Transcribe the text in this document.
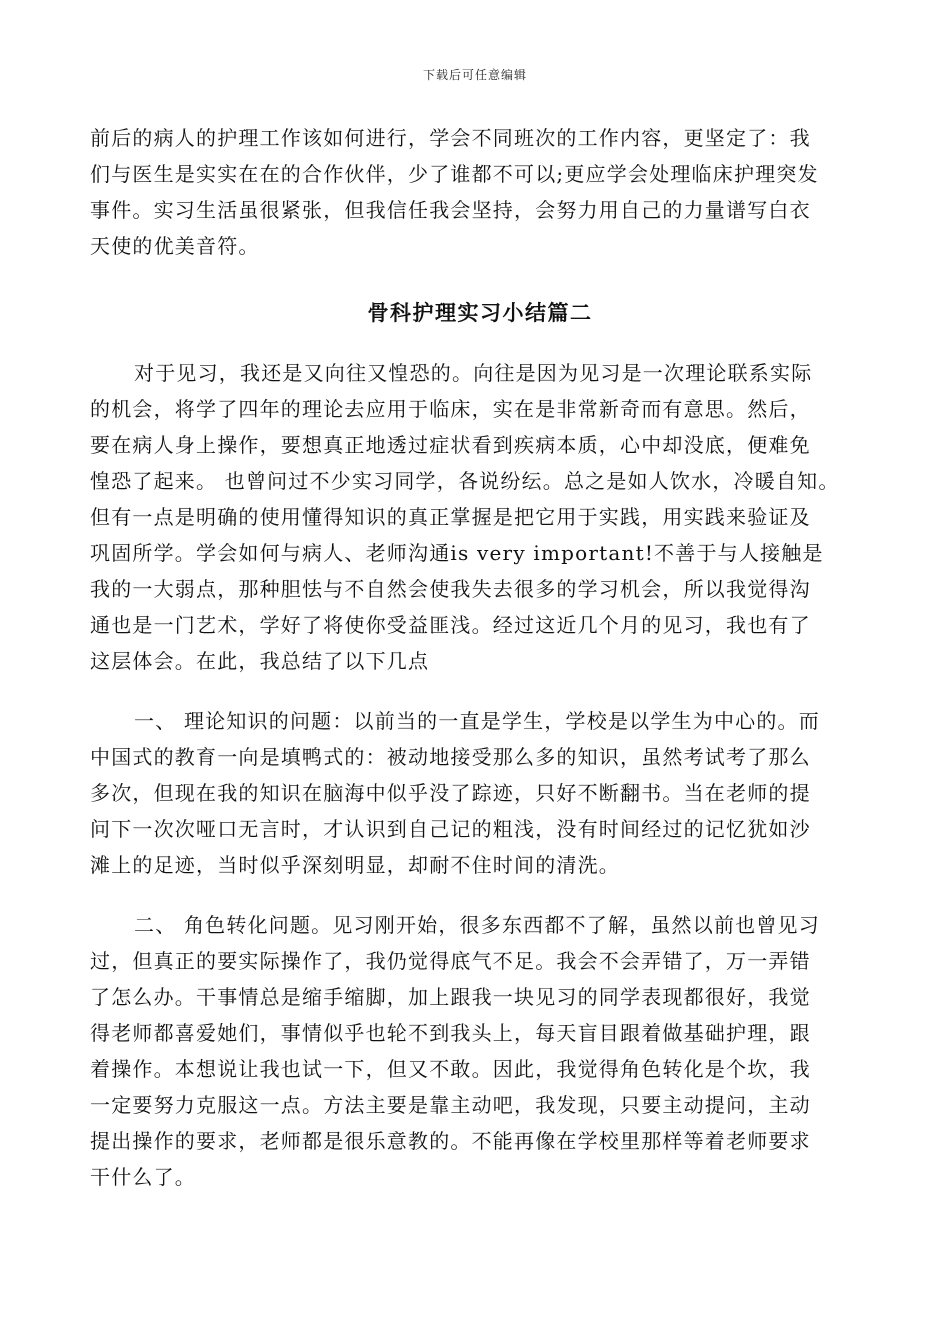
下载后可任意编辑
前后的病人的护理工作该如何进行，学会不同班次的工作内容，更坚定了：我
们与医生是实实在在的合作伙伴，少了谁都不可以;更应学会处理临床护理突发
事件。实习生活虽很紧张，但我信任我会坚持，会努力用自己的力量谱写白衣
天使的优美音符。
骨科护理实习小结篇二
对于见习，我还是又向往又惶恐的。向往是因为见习是一次理论联系实际
的机会，将学了四年的理论去应用于临床，实在是非常新奇而有意思。然后，
要在病人身上操作，要想真正地透过症状看到疾病本质，心中却没底，便难免
惶恐了起来。 也曾问过不少实习同学，各说纷纭。总之是如人饮水，冷暖自知。
但有一点是明确的使用懂得知识的真正掌握是把它用于实践，用实践来验证及
巩固所学。学会如何与病人、老师沟通is very important!不善于与人接触是
我的一大弱点，那种胆怯与不自然会使我失去很多的学习机会，所以我觉得沟
通也是一门艺术，学好了将使你受益匪浅。经过这近几个月的见习，我也有了
这层体会。在此，我总结了以下几点
一、 理论知识的问题：以前当的一直是学生，学校是以学生为中心的。而
中国式的教育一向是填鸭式的：被动地接受那么多的知识，虽然考试考了那么
多次，但现在我的知识在脑海中似乎没了踪迹，只好不断翻书。当在老师的提
问下一次次哑口无言时，才认识到自己记的粗浅，没有时间经过的记忆犹如沙
滩上的足迹，当时似乎深刻明显，却耐不住时间的清洗。
二、 角色转化问题。见习刚开始，很多东西都不了解，虽然以前也曾见习
过，但真正的要实际操作了，我仍觉得底气不足。我会不会弄错了，万一弄错
了怎么办。干事情总是缩手缩脚，加上跟我一块见习的同学表现都很好，我觉
得老师都喜爱她们，事情似乎也轮不到我头上，每天盲目跟着做基础护理，跟
着操作。本想说让我也试一下，但又不敢。因此，我觉得角色转化是个坎，我
一定要努力克服这一点。方法主要是靠主动吧，我发现，只要主动提问，主动
提出操作的要求，老师都是很乐意教的。不能再像在学校里那样等着老师要求
干什么了。
